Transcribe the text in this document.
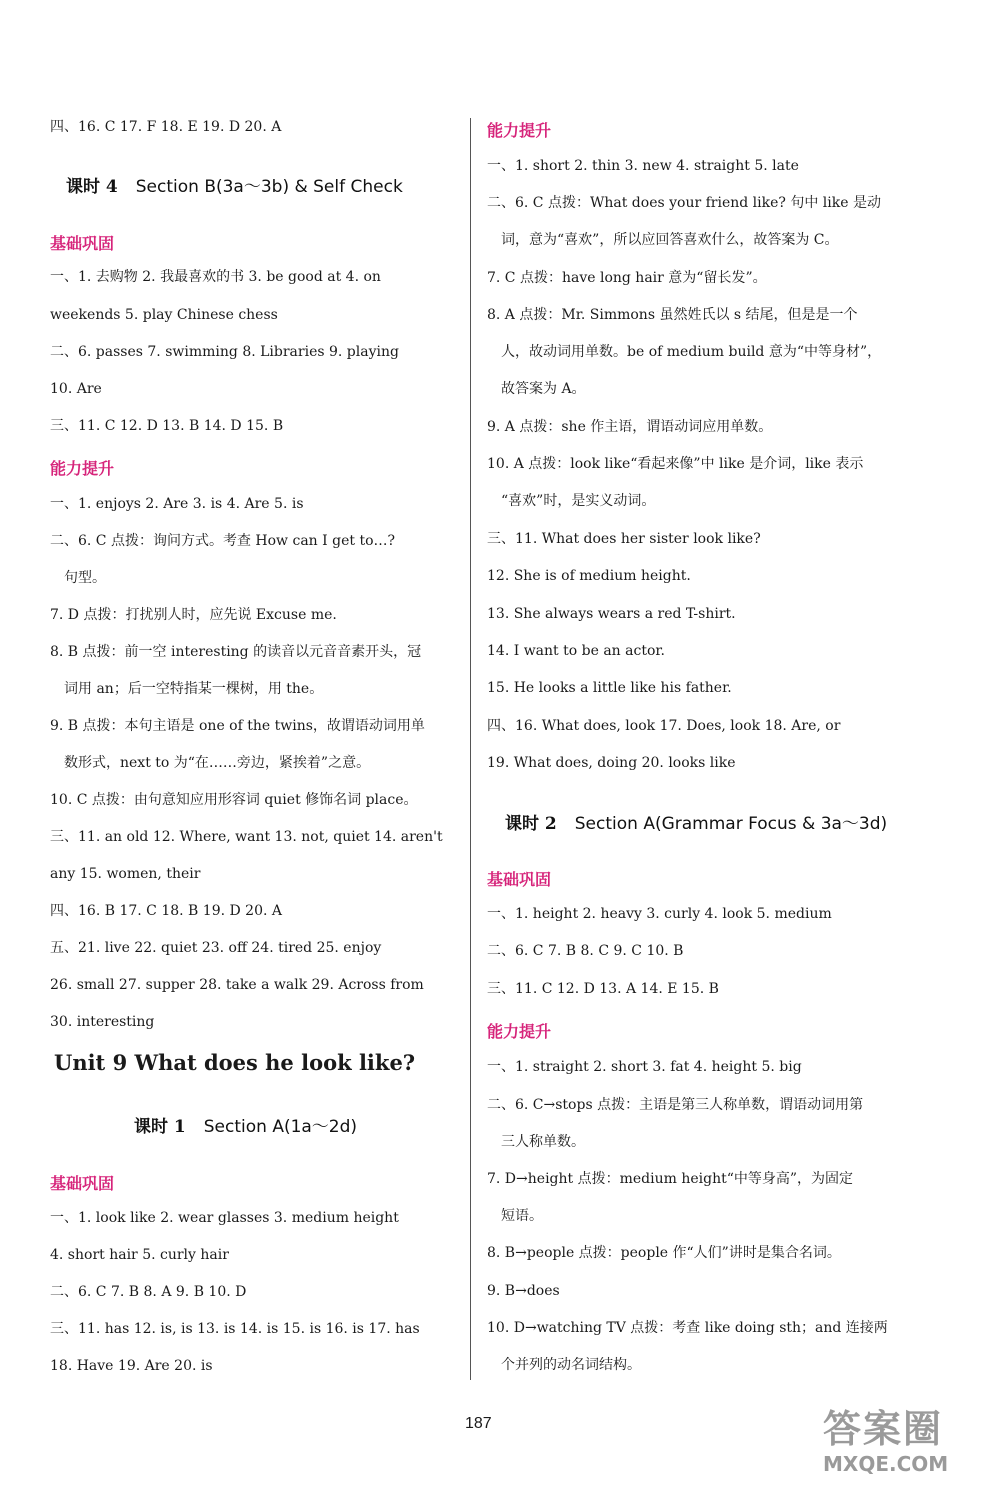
四、16. C 17. F 18. E 19. D 20. A
课时 4 Section B(3a～3b) & Self Check
基础巩固
一、1. 去购物 2. 我最喜欢的书 3. be good at 4. on
weekends 5. play Chinese chess
二、6. passes 7. swimming 8. Libraries 9. playing
10. Are
三、11. C 12. D 13. B 14. D 15. B
能力提升
一、1. enjoys 2. Are 3. is 4. Are 5. is
二、6. C 点拨：询问方式。考查 How can I get to…?
句型。
7. D 点拨：打扰别人时，应先说 Excuse me.
8. B 点拨：前一空 interesting 的读音以元音音素开头，冠
词用 an；后一空特指某一棵树，用 the。
9. B 点拨：本句主语是 one of the twins，故谓语动词用单
数形式，next to 为“在……旁边，紧挨着”之意。
10. C 点拨：由句意知应用形容词 quiet 修饰名词 place。
三、11. an old 12. Where, want 13. not, quiet 14. aren't
any 15. women, their
四、16. B 17. C 18. B 19. D 20. A
五、21. live 22. quiet 23. off 24. tired 25. enjoy
26. small 27. supper 28. take a walk 29. Across from
30. interesting
Unit 9 What does he look like?
课时 1 Section A(1a～2d)
基础巩固
一、1. look like 2. wear glasses 3. medium height
4. short hair 5. curly hair
二、6. C 7. B 8. A 9. B 10. D
三、11. has 12. is, is 13. is 14. is 15. is 16. is 17. has
18. Have 19. Are 20. is
能力提升
一、1. short 2. thin 3. new 4. straight 5. late
二、6. C 点拨：What does your friend like? 句中 like 是动
词，意为“喜欢”，所以应回答喜欢什么，故答案为 C。
7. C 点拨：have long hair 意为“留长发”。
8. A 点拨：Mr. Simmons 虽然姓氏以 s 结尾，但是是一个
人，故动词用单数。be of medium build 意为“中等身材”，
故答案为 A。
9. A 点拨：she 作主语，谓语动词应用单数。
10. A 点拨：look like“看起来像”中 like 是介词，like 表示
“喜欢”时，是实义动词。
三、11. What does her sister look like?
12. She is of medium height.
13. She always wears a red T-shirt.
14. I want to be an actor.
15. He looks a little like his father.
四、16. What does, look 17. Does, look 18. Are, or
19. What does, doing 20. looks like
课时 2 Section A(Grammar Focus & 3a～3d)
基础巩固
一、1. height 2. heavy 3. curly 4. look 5. medium
二、6. C 7. B 8. C 9. C 10. B
三、11. C 12. D 13. A 14. E 15. B
能力提升
一、1. straight 2. short 3. fat 4. height 5. big
二、6. C→stops 点拨：主语是第三人称单数，谓语动词用第
三人称单数。
7. D→height 点拨：medium height“中等身高”，为固定
短语。
8. B→people 点拨：people 作“人们”讲时是集合名词。
9. B→does
10. D→watching TV 点拨：考查 like doing sth；and 连接两
个并列的动名词结构。
187	答案圈
MXQE.COM
